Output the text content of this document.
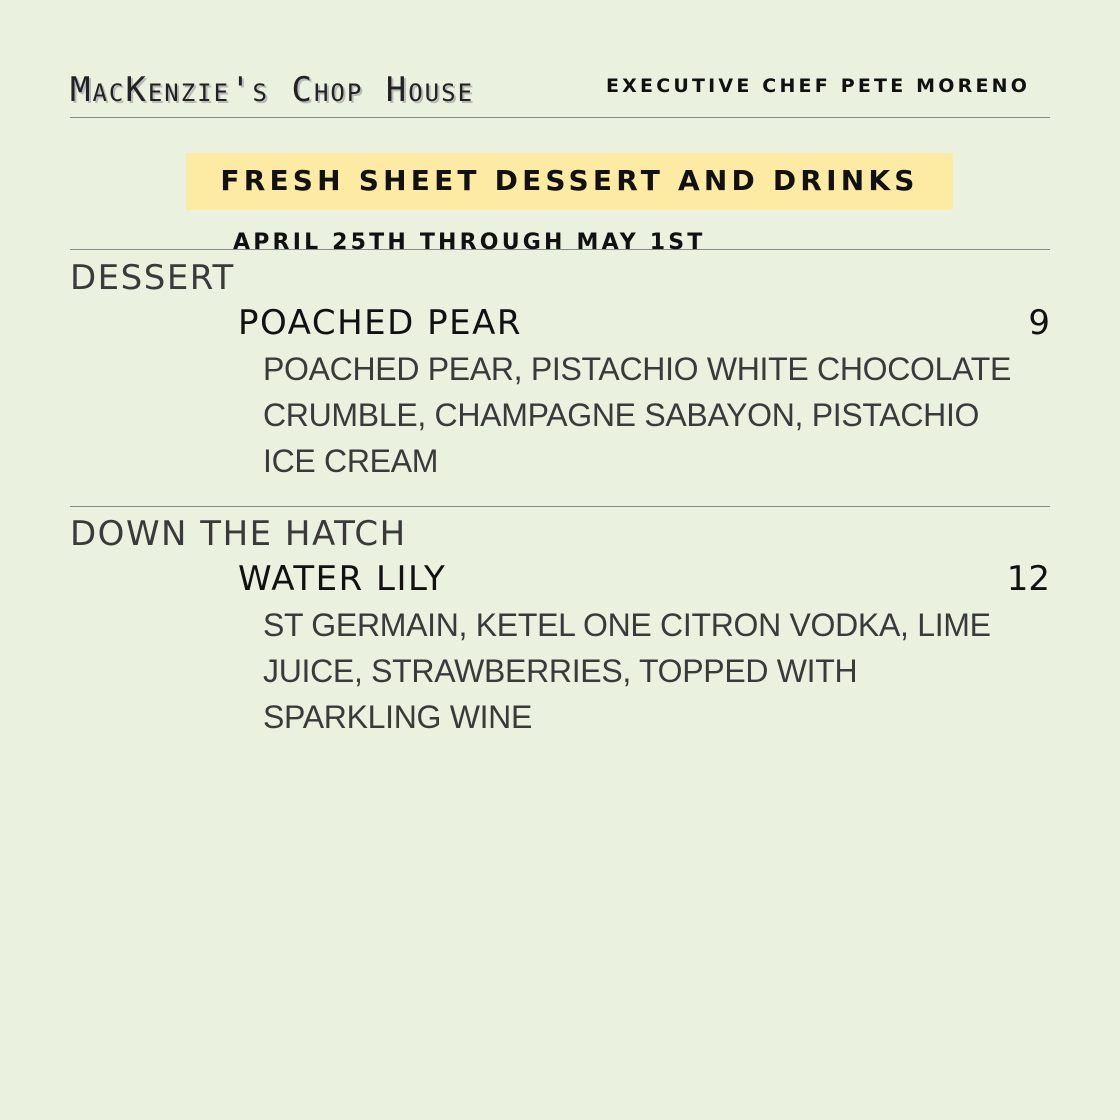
MacKenzie's Chop House	EXECUTIVE CHEF PETE MORENO
FRESH SHEET DESSERT AND DRINKS
APRIL 25TH THROUGH MAY 1ST
DESSERT
POACHED PEAR	9
POACHED PEAR, PISTACHIO WHITE CHOCOLATE
CRUMBLE, CHAMPAGNE SABAYON, PISTACHIO
ICE CREAM
DOWN THE HATCH
WATER LILY	12
ST GERMAIN, KETEL ONE CITRON VODKA, LIME
JUICE, STRAWBERRIES, TOPPED WITH
SPARKLING WINE
